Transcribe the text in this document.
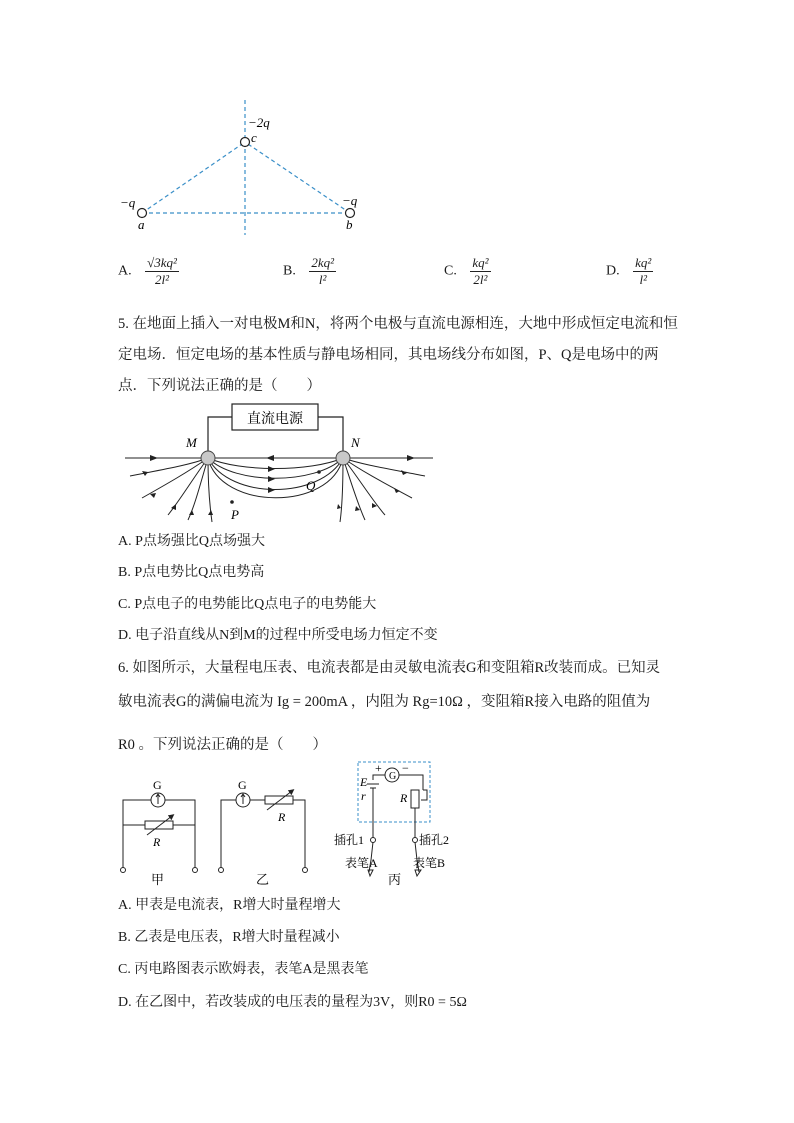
−2q
c
−q
a
−q
b
A. $\frac{\text{√3kq²}}{\text{2l²}}$	B. $\frac{\text{2kq²}}{\text{l²}}$	C. $\frac{\text{kq²}}{\text{2l²}}$	D. $\frac{\text{kq²}}{\text{l²}}$
5. 在地面上插入一对电极M和N，将两个电极与直流电源相连，大地中形成恒定电流和恒
定电场．恒定电场的基本性质与静电场相同，其电场线分布如图，P、Q是电场中的两
点．下列说法正确的是（　　）
直流电源
M	N
Q
P
A. P点场强比Q点场强大
B. P点电势比Q点电势高
C. P点电子的电势能比Q点电子的电势能大
D. 电子沿直线从N到M的过程中所受电场力恒定不变
6. 如图所示，大量程电压表、电流表都是由灵敏电流表G和变阻箱R改装而成。已知灵
敏电流表G的满偏电流为 Ig = 200mA ，内阻为 Rg=10Ω ，变阻箱R接入电路的阻值为
R0 。下列说法正确的是（　　）
G
R
甲
G
R
乙
G
+ −
E
r	R
插孔1	插孔2
表笔A	表笔B
丙
A. 甲表是电流表，R增大时量程增大
B. 乙表是电压表，R增大时量程减小
C. 丙电路图表示欧姆表，表笔A是黑表笔
D. 在乙图中，若改装成的电压表的量程为3V，则R0 = 5Ω
